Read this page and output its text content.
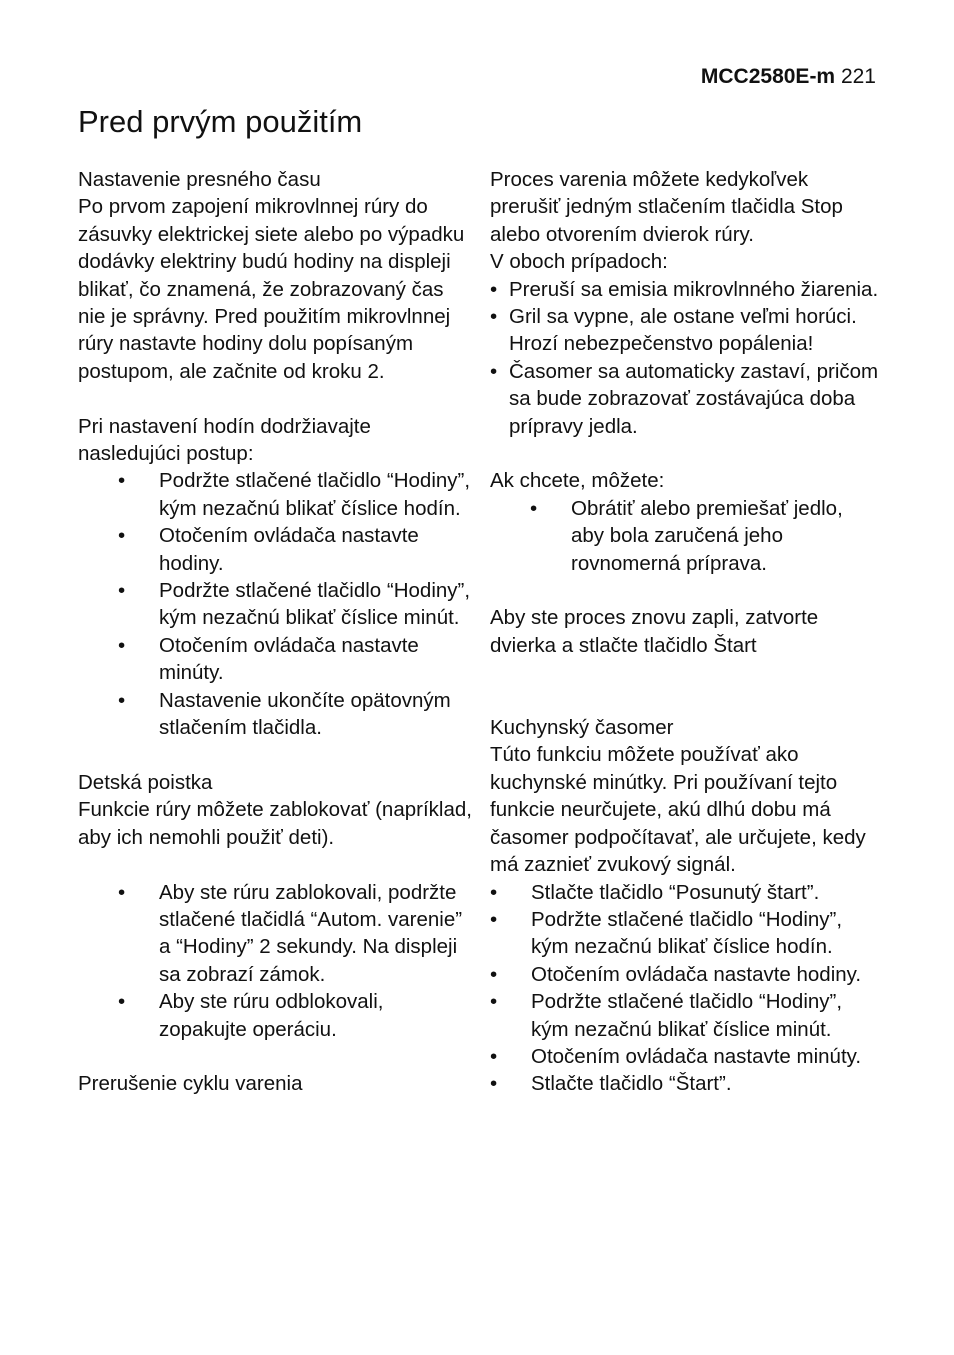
MCC2580E-m 221
Pred prvým použitím
Nastavenie presného času

Po prvom zapojení mikrovlnnej rúry do zásuvky elektrickej siete alebo po výpadku dodávky elektriny budú hodiny na displeji blikať, čo znamená, že zobrazovaný čas nie je správny. Pred použitím mikrovlnnej rúry nastavte hodiny dolu popísaným postupom, ale začnite od kroku 2.

Pri nastavení hodín dodržiavajte nasledujúci postup:

• Podržte stlačené tlačidlo “Hodiny”, kým nezačnú blikať číslice hodín.
• Otočením ovládača nastavte hodiny.
• Podržte stlačené tlačidlo “Hodiny”, kým nezačnú blikať číslice minút.
• Otočením ovládača nastavte minúty.
• Nastavenie ukončíte opätovným stlačením tlačidla.
Detská poistka

Funkcie rúry môžete zablokovať (napríklad, aby ich nemohli použiť deti).

• Aby ste rúru zablokovali, podržte stlačené tlačidlá “Autom. varenie” a “Hodiny” 2 sekundy. Na displeji sa zobrazí zámok.
• Aby ste rúru odblokovali, zopakujte operáciu.
Prerušenie cyklu varenia

Proces varenia môžete kedykoľvek prerušiť jedným stlačením tlačidla Stop alebo otvorením dvierok rúry.

V oboch prípadoch:

• Preruší sa emisia mikrovlnného žiarenia.
• Gril sa vypne, ale ostane veľmi horúci. Hrozí nebezpečenstvo popálenia!
• Časomer sa automaticky zastaví, pričom sa bude zobrazovať zostávajúca doba prípravy jedla.

Ak chcete, môžete:

• Obrátiť alebo premiešať jedlo, aby bola zaručená jeho rovnomerná príprava.

Aby ste proces znovu zapli, zatvorte dvierka a stlačte tlačidlo Štart

Kuchynský časomer

Túto funkciu môžete používať ako kuchynské minútky. Pri používaní tejto funkcie neurčujete, akú dlhú dobu má časomer podpočítavať, ale určujete, kedy má zaznieť zvukový signál.

• Stlačte tlačidlo “Posunutý štart”.
• Podržte stlačené tlačidlo “Hodiny”, kým nezačnú blikať číslice hodín.
• Otočením ovládača nastavte hodiny.
• Podržte stlačené tlačidlo “Hodiny”, kým nezačnú blikať číslice minút.
• Otočením ovládača nastavte minúty.
• Stlačte tlačidlo “Štart”.
